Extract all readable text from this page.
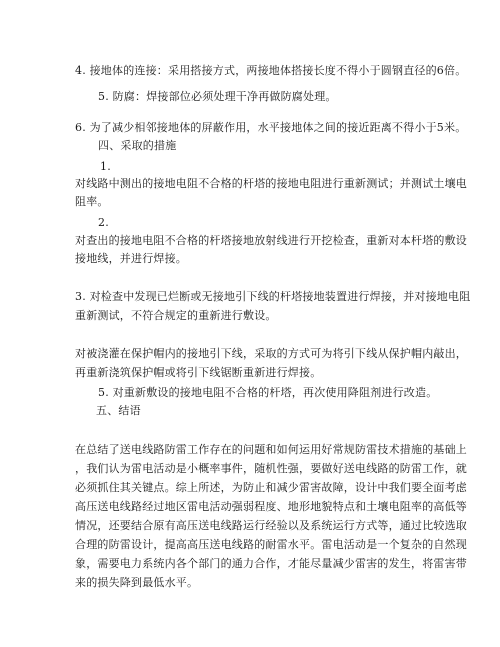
4. 接地体的连接：采用搭接方式，两接地体搭接长度不得小于圆钢直径的6倍。
5. 防腐：焊接部位必须处理干净再做防腐处理。
6. 为了减少相邻接地体的屏蔽作用，水平接地体之间的接近距离不得小于5米。
四、采取的措施
1.
对线路中测出的接地电阻不合格的杆塔的接地电阻进行重新测试；并测试土壤电
阻率。
2.
对查出的接地电阻不合格的杆塔接地放射线进行开挖检查，重新对本杆塔的敷设
接地线，并进行焊接。
3. 对检查中发现已烂断或无接地引下线的杆塔接地装置进行焊接，并对接地电阻
重新测试，不符合规定的重新进行敷设。
对被浇灌在保护帽内的接地引下线，采取的方式可为将引下线从保护帽内敲出，
再重新浇筑保护帽或将引下线锯断重新进行焊接。
5. 对重新敷设的接地电阻不合格的杆塔，再次使用降阻剂进行改造。
五、结语
在总结了送电线路防雷工作存在的问题和如何运用好常规防雷技术措施的基础上
，我们认为雷电活动是小概率事件，随机性强，要做好送电线路的防雷工作，就
必须抓住其关键点。综上所述，为防止和减少雷害故障，设计中我们要全面考虑
高压送电线路经过地区雷电活动强弱程度、地形地貌特点和土壤电阻率的高低等
情况，还要结合原有高压送电线路运行经验以及系统运行方式等，通过比较选取
合理的防雷设计，提高高压送电线路的耐雷水平。雷电活动是一个复杂的自然现
象，需要电力系统内各个部门的通力合作，才能尽量减少雷害的发生，将雷害带
来的损失降到最低水平。
